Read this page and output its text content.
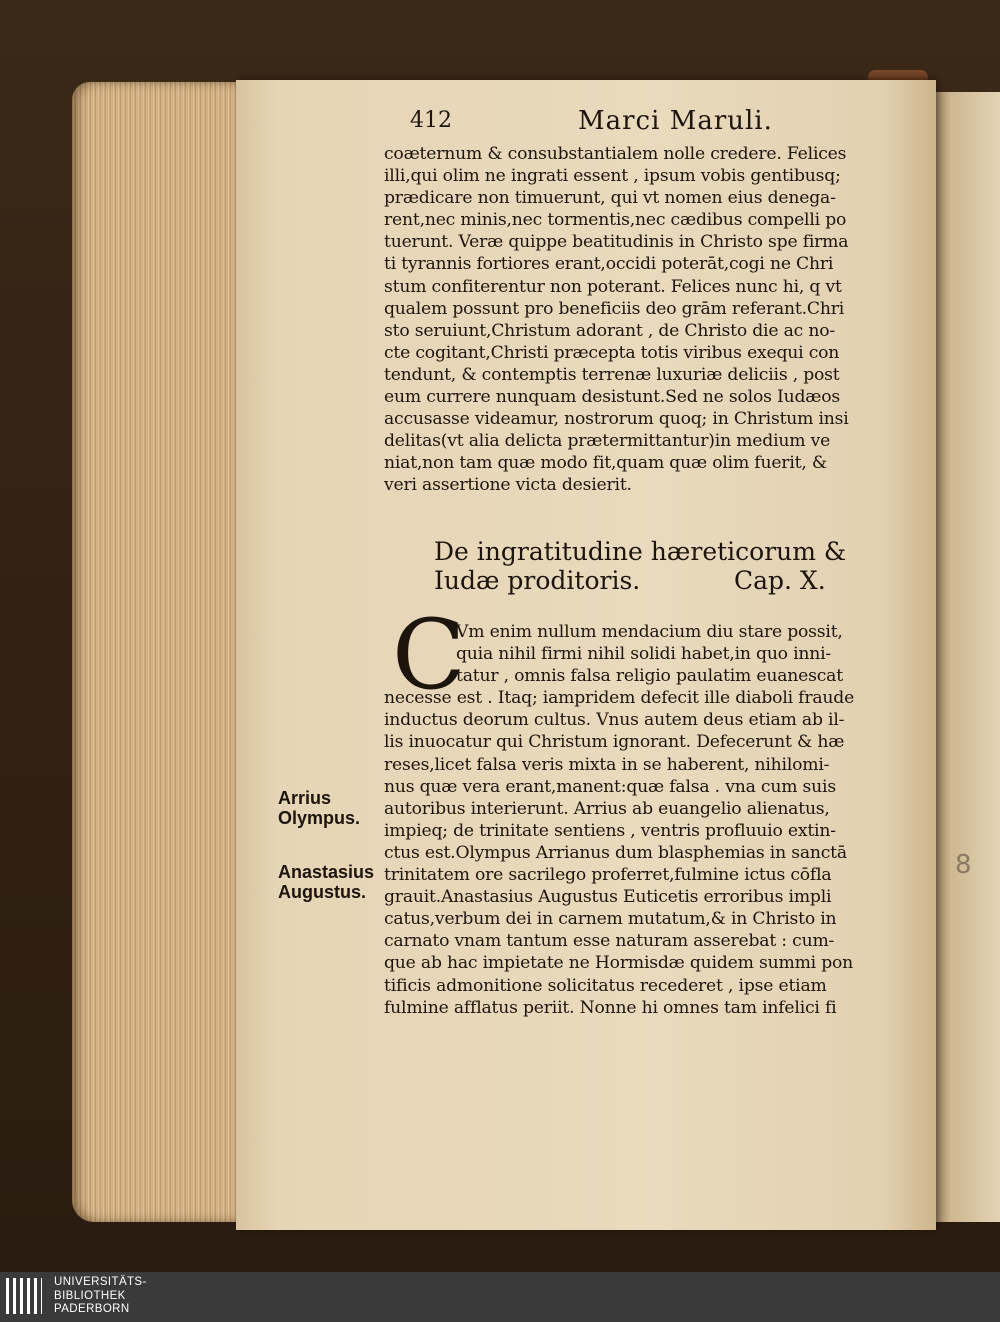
412	Marci Maruli.
coæternum & consubstantialem nolle credere. Felices
illi,qui olim ne ingrati essent , ipsum vobis gentibusq;
prædicare non timuerunt, qui vt nomen eius denega-
rent,nec minis,nec tormentis,nec cædibus compelli po
tuerunt. Veræ quippe beatitudinis in Christo spe firma
ti tyrannis fortiores erant,occidi poterāt,cogi ne Chri
stum confiterentur non poterant. Felices nunc hi, q vt
qualem possunt pro beneficiis deo grām referant.Chri
sto seruiunt,Christum adorant , de Christo die ac no-
cte cogitant,Christi præcepta totis viribus exequi con
tendunt, & contemptis terrenæ luxuriæ deliciis , post
eum currere nunquam desistunt.Sed ne solos Iudæos
accusasse videamur, nostrorum quoq; in Christum insi
delitas(vt alia delicta prætermittantur)in medium ve
niat,non tam quæ modo fit,quam quæ olim fuerit, &
veri assertione victa desierit.
De ingratitudine hæreticorum &
Iudæ proditoris.	Cap. X.
C
Vm enim nullum mendacium diu stare possit,
quia nihil firmi nihil solidi habet,in quo inni-
tatur , omnis falsa religio paulatim euanescat
necesse est . Itaq; iampridem defecit ille diaboli fraude
inductus deorum cultus. Vnus autem deus etiam ab il-
lis inuocatur qui Christum ignorant. Defecerunt & hæ
reses,licet falsa veris mixta in se haberent, nihilomi-
nus quæ vera erant,manent:quæ falsa . vna cum suis
autoribus interierunt. Arrius ab euangelio alienatus,
impieq; de trinitate sentiens , ventris profluuio extin-
ctus est.Olympus Arrianus dum blasphemias in sanctā
trinitatem ore sacrilego proferret,fulmine ictus cōfla
grauit.Anastasius Augustus Euticetis erroribus impli
catus,verbum dei in carnem mutatum,& in Christo in
carnato vnam tantum esse naturam asserebat : cum-
que ab hac impietate ne Hormisdæ quidem summi pon
tificis admonitione solicitatus recederet , ipse etiam
fulmine afflatus periit. Nonne hi omnes tam infelici fi
Arrius
Olympus.
Anastasius
Augustus.
8
UNIVERSITÄTS-
BIBLIOTHEK
PADERBORN
